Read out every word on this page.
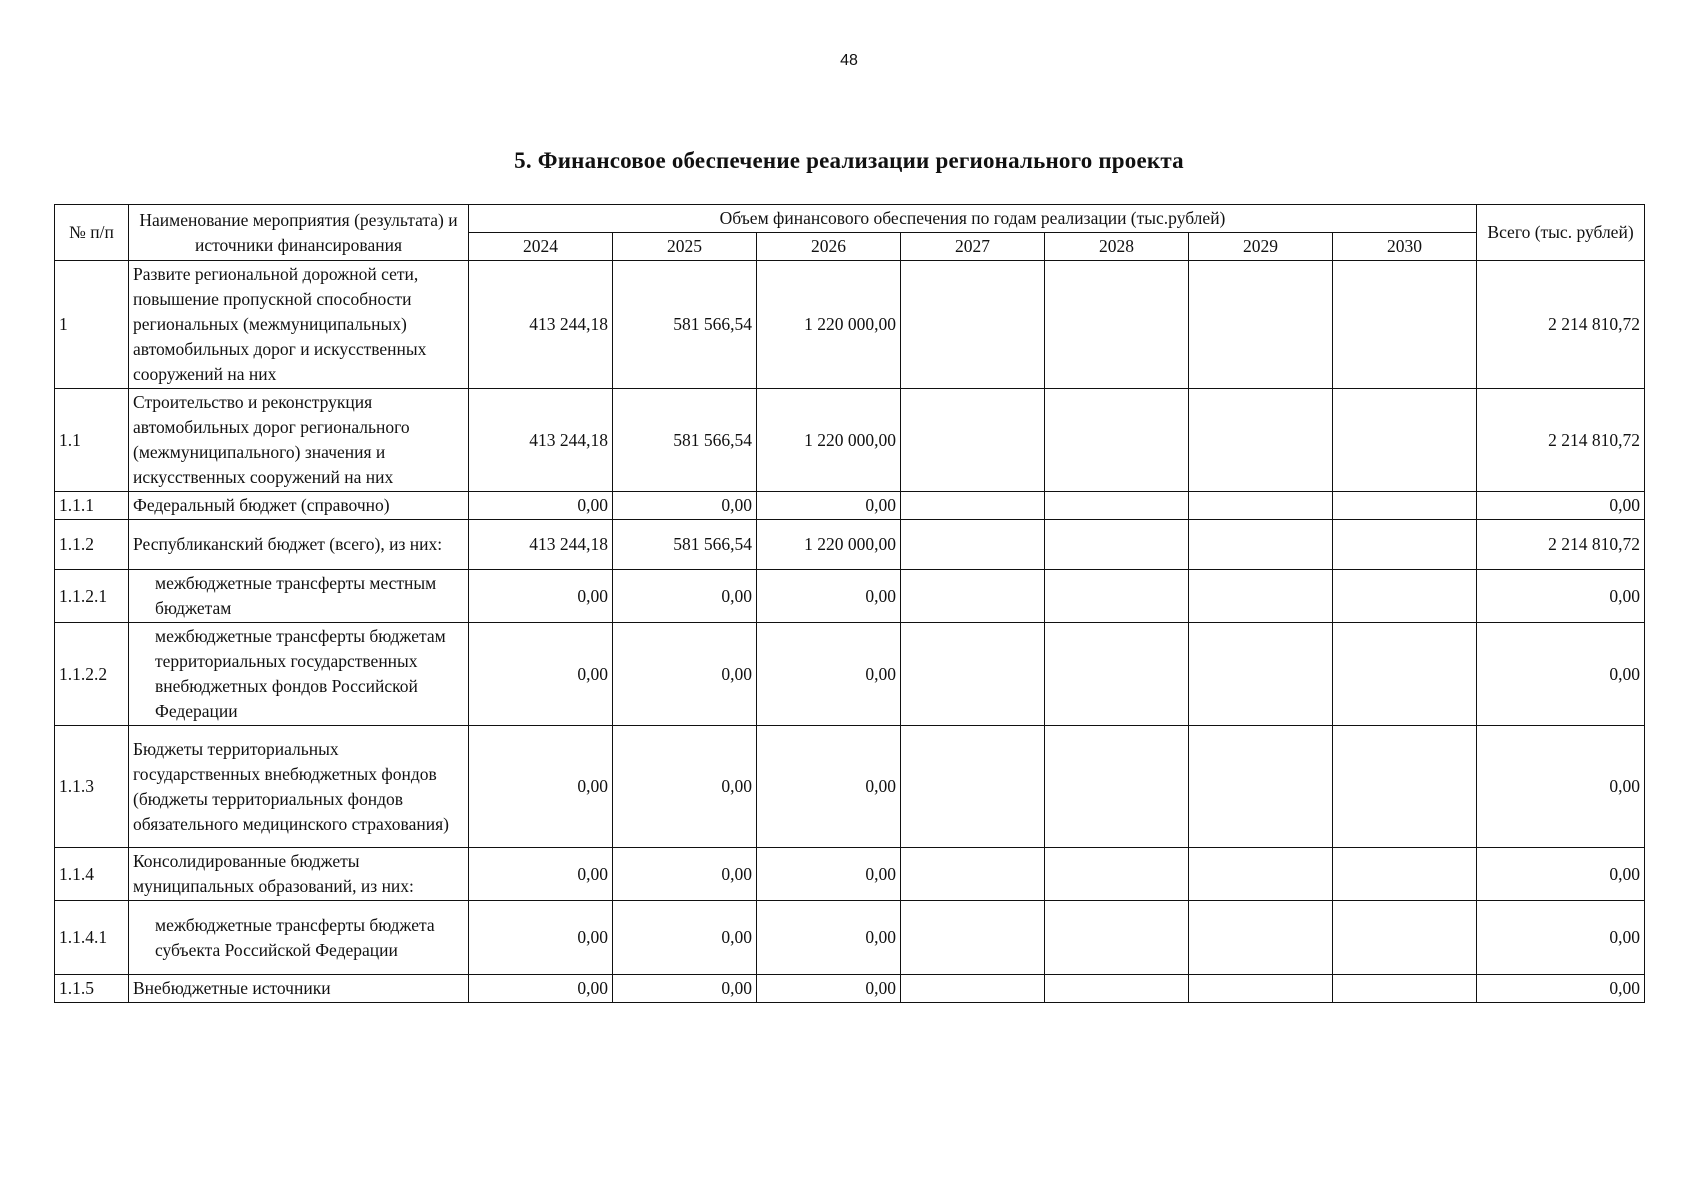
48
5. Финансовое обеспечение реализации регионального проекта
№ п/п	Наименование мероприятия (результата) и источники финансирования	Объем финансового обеспечения по годам реализации (тыс.рублей)							Всего (тыс. рублей)
		2024	2025	2026	2027	2028	2029	2030	
1	Развите региональной дорожной сети, повышение пропускной способности региональных (межмуниципальных) автомобильных дорог и искусственных сооружений на них	413 244,18	581 566,54	1 220 000,00					2 214 810,72
1.1	Строительство и реконструкция автомобильных дорог регионального (межмуниципального) значения и искусственных сооружений на них	413 244,18	581 566,54	1 220 000,00					2 214 810,72
1.1.1	Федеральный бюджет (справочно)	0,00	0,00	0,00					0,00
1.1.2	Республиканский бюджет (всего), из них:	413 244,18	581 566,54	1 220 000,00					2 214 810,72
1.1.2.1	межбюджетные трансферты местным бюджетам	0,00	0,00	0,00					0,00
1.1.2.2	межбюджетные трансферты бюджетам территориальных государственных внебюджетных фондов Российской Федерации	0,00	0,00	0,00					0,00
1.1.3	Бюджеты территориальных государственных внебюджетных фондов (бюджеты территориальных фондов обязательного медицинского страхования)	0,00	0,00	0,00					0,00
1.1.4	Консолидированные бюджеты муниципальных образований, из них:	0,00	0,00	0,00					0,00
1.1.4.1	межбюджетные трансферты бюджета субъекта Российской Федерации	0,00	0,00	0,00					0,00
1.1.5	Внебюджетные источники	0,00	0,00	0,00					0,00
